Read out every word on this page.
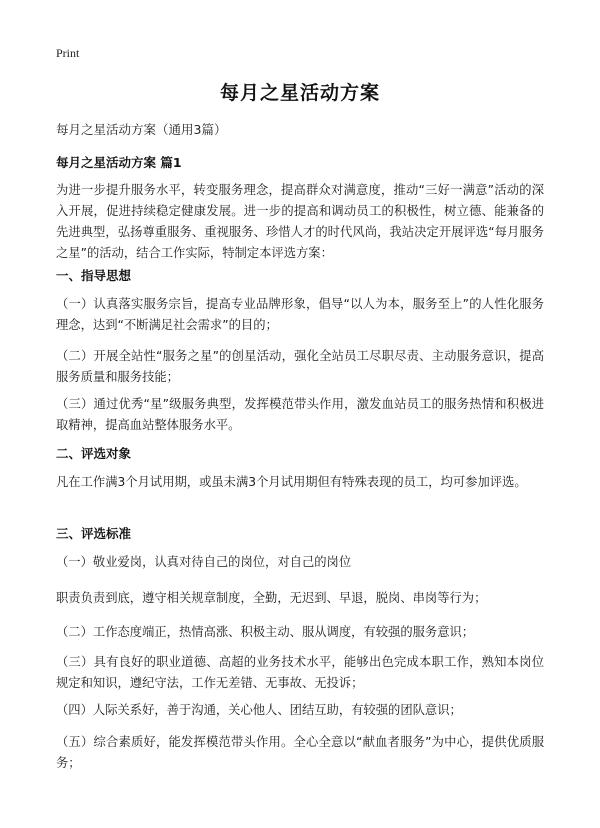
Print
每月之星活动方案
每月之星活动方案（通用3篇）
每月之星活动方案 篇1
为进一步提升服务水平，转变服务理念，提高群众对满意度，推动“三好一满意”活动的深入开展，促进持续稳定健康发展。进一步的提高和调动员工的积极性，树立德、能兼备的先进典型，弘扬尊重服务、重视服务、珍惜人才的时代风尚，我站决定开展评选“每月服务之星”的活动，结合工作实际，特制定本评选方案：
一、指导思想
（一）认真落实服务宗旨，提高专业品牌形象，倡导“以人为本，服务至上”的人性化服务理念，达到“不断满足社会需求”的目的；
（二）开展全站性“服务之星”的创星活动，强化全站员工尽职尽责、主动服务意识，提高服务质量和服务技能；
（三）通过优秀“星”级服务典型，发挥模范带头作用，激发血站员工的服务热情和积极进取精神，提高血站整体服务水平。
二、评选对象
凡在工作满3个月试用期，或虽未满3个月试用期但有特殊表现的员工，均可参加评选。
三、评选标准
（一）敬业爱岗，认真对待自己的岗位，对自己的岗位
职责负责到底，遵守相关规章制度，全勤，无迟到、早退，脱岗、串岗等行为；
（二）工作态度端正，热情高涨、积极主动、服从调度，有较强的服务意识；
（三）具有良好的职业道德、高超的业务技术水平，能够出色完成本职工作，熟知本岗位规定和知识，遵纪守法，工作无差错、无事故、无投诉；
（四）人际关系好，善于沟通，关心他人、团结互助，有较强的团队意识；
（五）综合素质好，能发挥模范带头作用。全心全意以“献血者服务”为中心，提供优质服务；
